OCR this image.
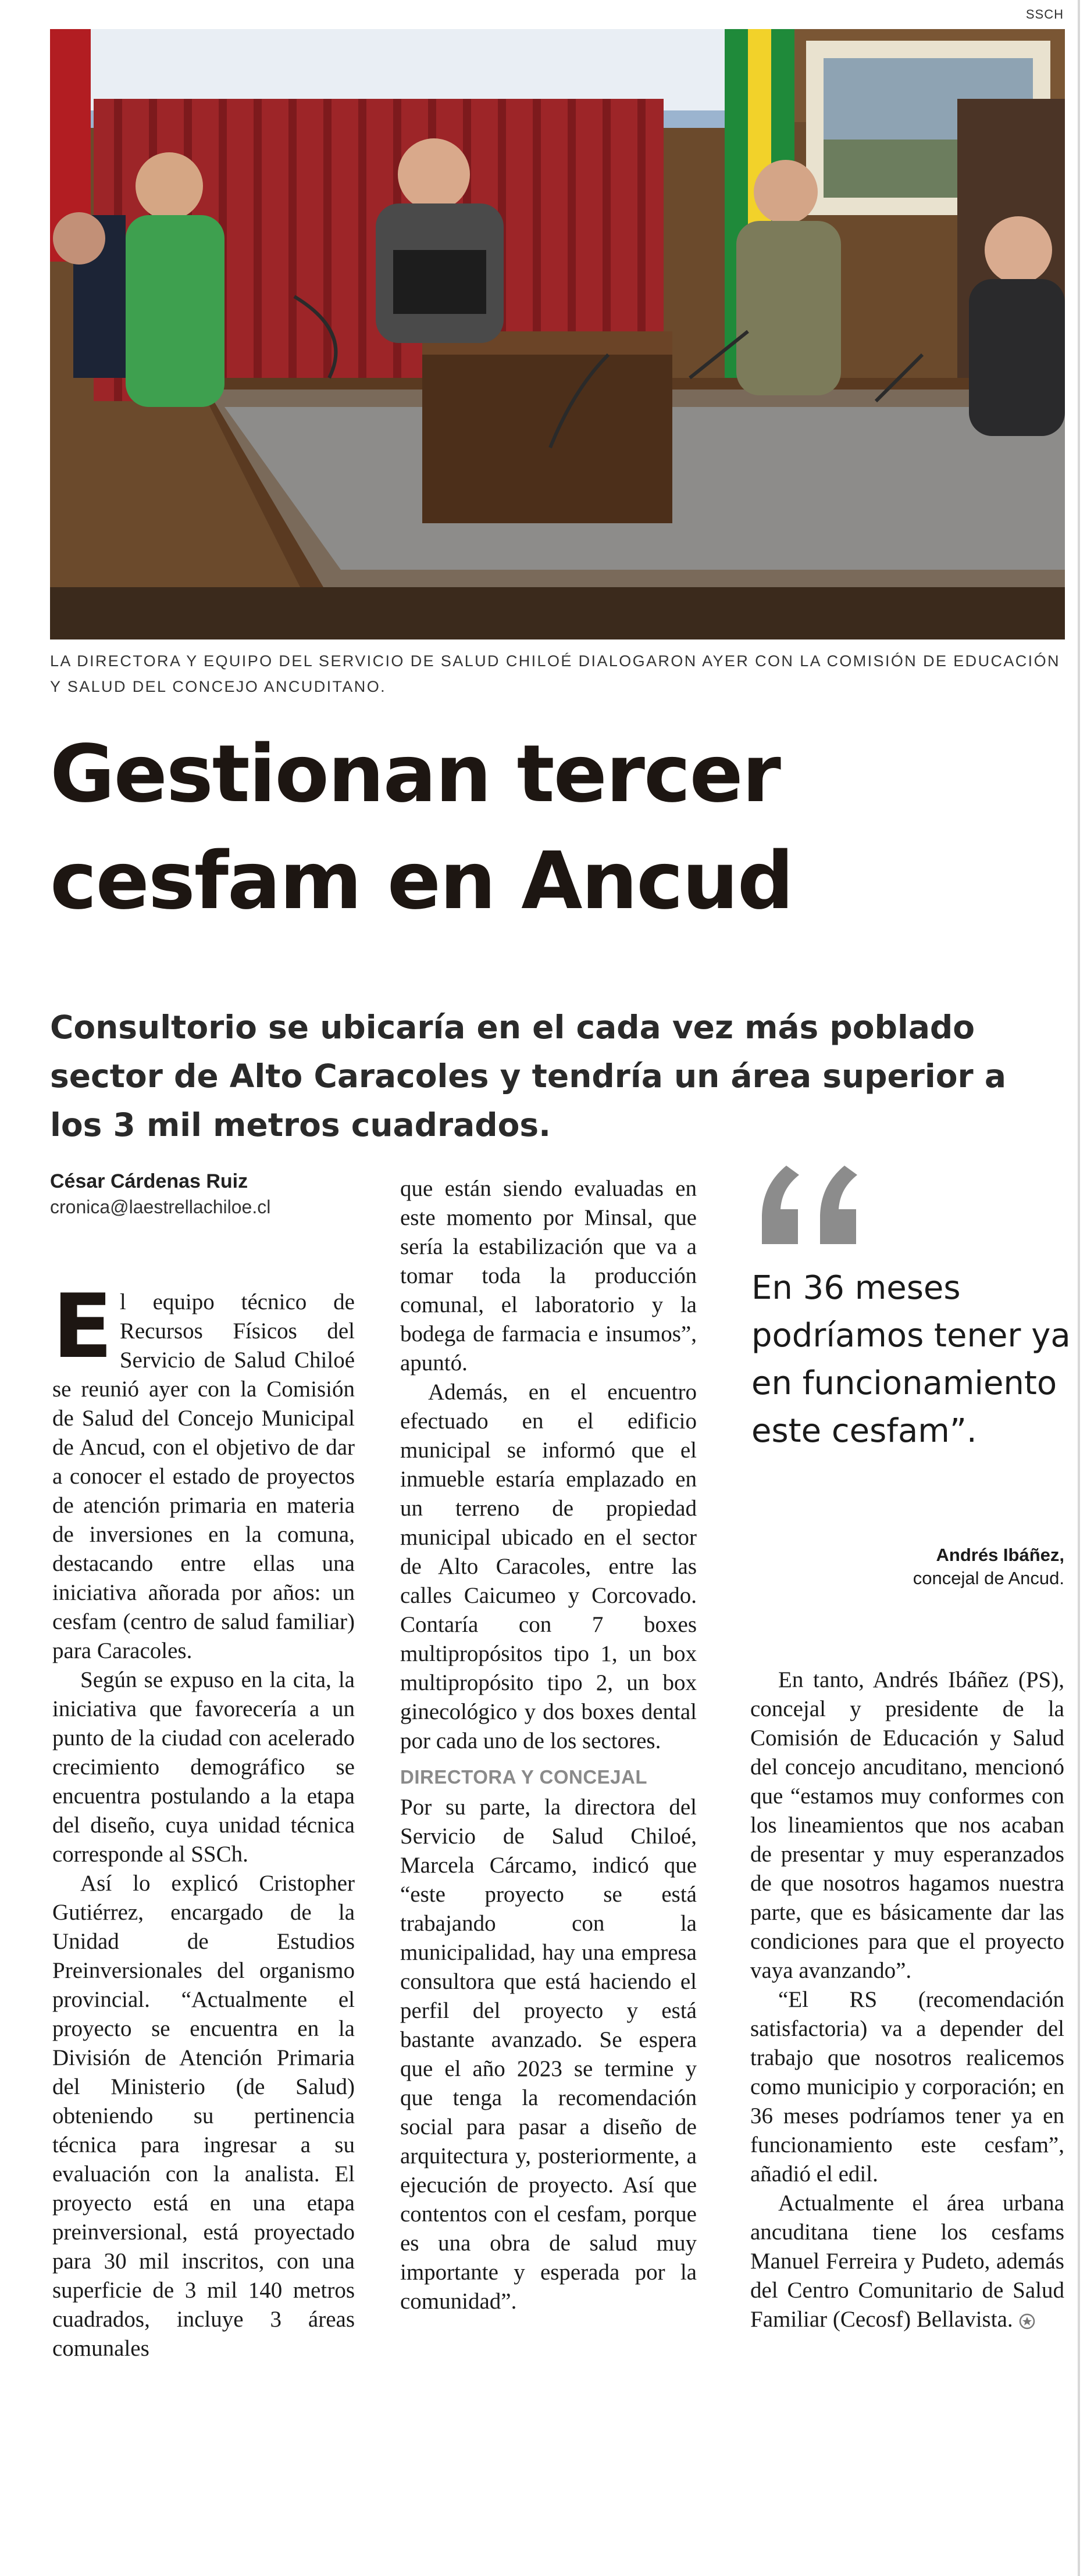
SSCH
LA DIRECTORA Y EQUIPO DEL SERVICIO DE SALUD CHILOÉ DIALOGARON AYER CON LA COMISIÓN DE EDUCACIÓN Y SALUD DEL CONCEJO ANCUDITANO.
Gestionan tercer
cesfam en Ancud
Consultorio se ubicaría en el cada vez más poblado sector de Alto Caracoles y tendría un área superior a los 3 mil metros cuadrados.
César Cárdenas Ruiz
cronica@laestrellachiloe.cl

El equipo técnico de Recursos Físicos del Servicio de Salud Chiloé se reunió ayer con la Comisión de Salud del Concejo Municipal de Ancud, con el objetivo de dar a conocer el estado de proyectos de atención primaria en materia de inversiones en la comuna, destacando entre ellas una iniciativa añorada por años: un cesfam (centro de salud familiar) para Caracoles.

Según se expuso en la cita, la iniciativa que favorecería a un punto de la ciudad con acelerado crecimiento demográfico se encuentra postulando a la etapa del diseño, cuya unidad técnica corresponde al SSCh.

Así lo explicó Cristopher Gutiérrez, encargado de la Unidad de Estudios Preinversionales del organismo provincial. “Actualmente el proyecto se encuentra en la División de Atención Primaria del Ministerio (de Salud) obteniendo su pertinencia técnica para ingresar a su evaluación con la analista. El proyecto está en una etapa preinversional, está proyectado para 30 mil inscritos, con una superficie de 3 mil 140 metros cuadrados, incluye 3 áreas comunales

que están siendo evaluadas en este momento por Minsal, que sería la estabilización que va a tomar toda la producción comunal, el laboratorio y la bodega de farmacia e insumos”, apuntó.

Además, en el encuentro efectuado en el edificio municipal se informó que el inmueble estaría emplazado en un terreno de propiedad municipal ubicado en el sector de Alto Caracoles, entre las calles Caicumeo y Corcovado. Contaría con 7 boxes multipropósitos tipo 1, un box multipropósito tipo 2, un box ginecológico y dos boxes dental por cada uno de los sectores.

DIRECTORA Y CONCEJAL

Por su parte, la directora del Servicio de Salud Chiloé, Marcela Cárcamo, indicó que “este proyecto se está trabajando con la municipalidad, hay una empresa consultora que está haciendo el perfil del proyecto y está bastante avanzado. Se espera que el año 2023 se termine y que tenga la recomendación social para pasar a diseño de arquitectura y, posteriormente, a ejecución de proyecto. Así que contentos con el cesfam, porque es una obra de salud muy importante y esperada por la comunidad”.

En 36 meses podríamos tener ya en funcionamiento este cesfam”.

Andrés Ibáñez,
concejal de Ancud.

En tanto, Andrés Ibáñez (PS), concejal y presidente de la Comisión de Educación y Salud del concejo ancuditano, mencionó que “estamos muy conformes con los lineamientos que nos acaban de presentar y muy esperanzados de que nosotros hagamos nuestra parte, que es básicamente dar las condiciones para que el proyecto vaya avanzando”.

“El RS (recomendación satisfactoria) va a depender del trabajo que nosotros realicemos como municipio y corporación; en 36 meses podríamos tener ya en funcionamiento este cesfam”, añadió el edil.

Actualmente el área urbana ancuditana tiene los cesfams Manuel Ferreira y Pudeto, además del Centro Comunitario de Salud Familiar (Cecosf) Bellavista.
